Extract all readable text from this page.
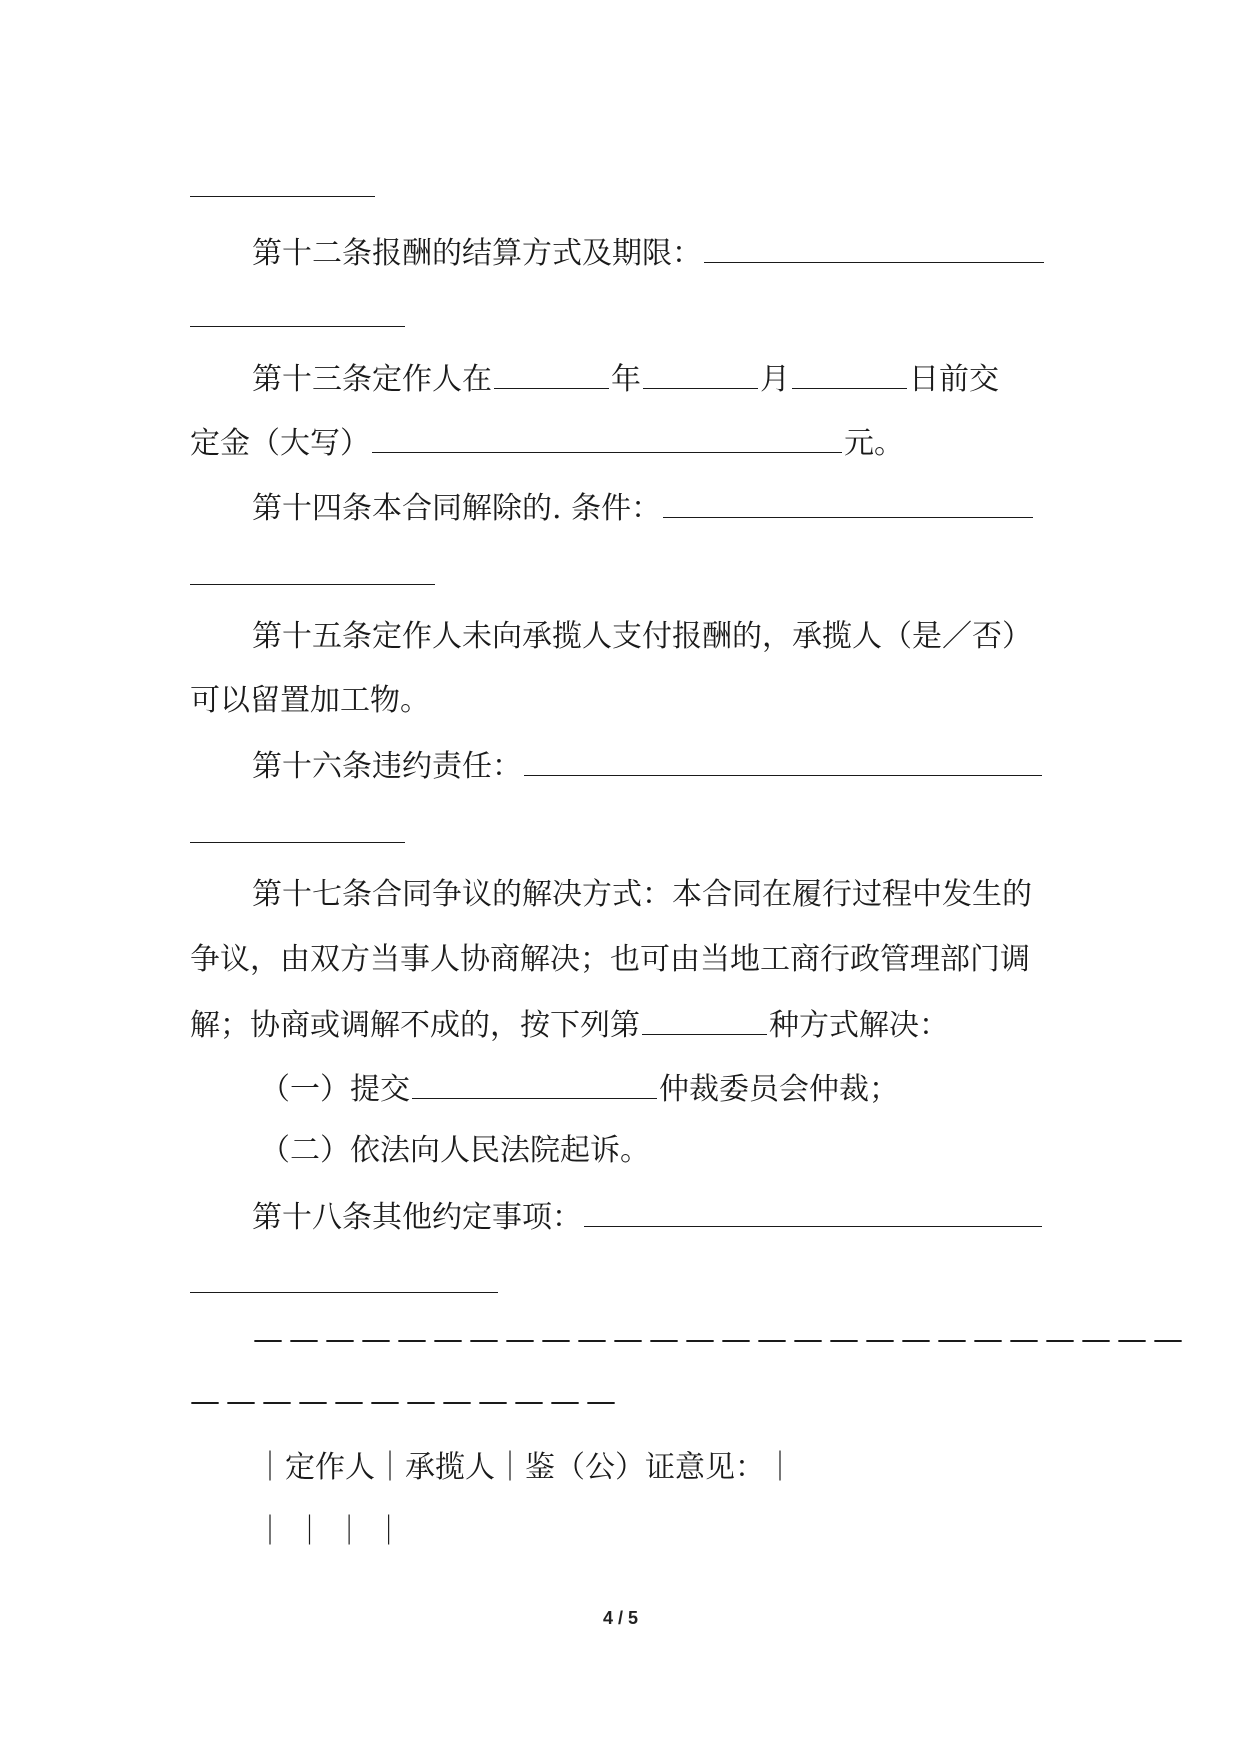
第十二条报酬的结算方式及期限：
第十三条定作人在	年	月	日前交
定金（大写）	元。
第十四条本合同解除的. 条件：
第十五条定作人未向承揽人支付报酬的，承揽人（是／否）
可以留置加工物。
第十六条违约责任：
第十七条合同争议的解决方式：本合同在履行过程中发生的
争议，由双方当事人协商解决；也可由当地工商行政管理部门调
解；协商或调解不成的，按下列第	种方式解决：
（一）提交	仲裁委员会仲裁；
（二）依法向人民法院起诉。
第十八条其他约定事项：
——————————————————————————
————————————
｜定作人｜承揽人｜鉴（公）证意见：｜
｜ ｜ ｜ ｜
4 / 5
